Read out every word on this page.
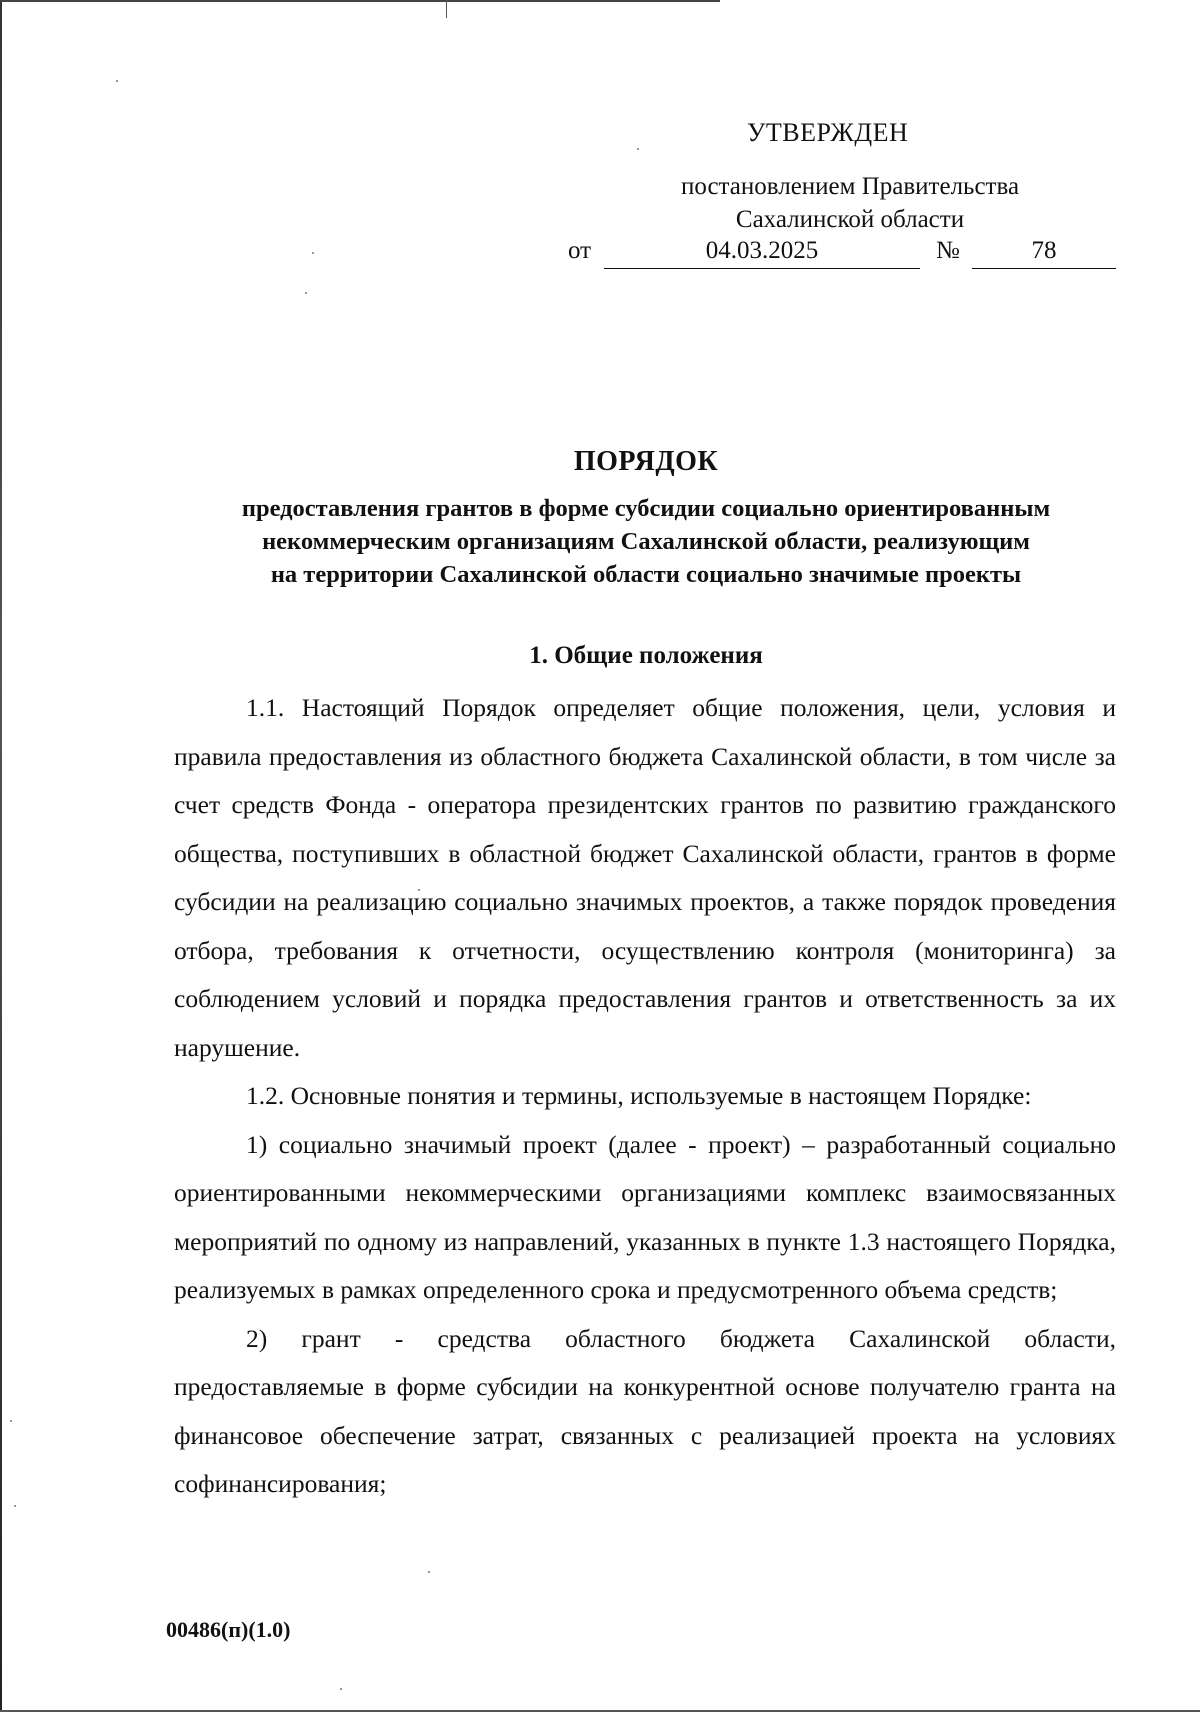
УТВЕРЖДЕН
постановлением Правительства
Сахалинской области
от	04.03.2025	№	78
ПОРЯДОК
предоставления грантов в форме субсидии социально ориентированным
некоммерческим организациям Сахалинской области, реализующим
на территории Сахалинской области социально значимые проекты
1. Общие положения

1.1. Настоящий Порядок определяет общие положения, цели, условия и правила предоставления из областного бюджета Сахалинской области, в том числе за счет средств Фонда - оператора президентских грантов по развитию гражданского общества, поступивших в областной бюджет Сахалинской области, грантов в форме субсидии на реализацию социально значимых проектов, а также порядок проведения отбора, требования к отчетности, осуществлению контроля (мониторинга) за соблюдением условий и порядка предоставления грантов и ответственность за их нарушение.

1.2. Основные понятия и термины, используемые в настоящем Порядке:

1) социально значимый проект (далее - проект) – разработанный социально ориентированными некоммерческими организациями комплекс взаимосвязанных мероприятий по одному из направлений, указанных в пункте 1.3 настоящего Порядка, реализуемых в рамках определенного срока и предусмотренного объема средств;

2) грант - средства областного бюджета Сахалинской области, предоставляемые в форме субсидии на конкурентной основе получателю гранта на финансовое обеспечение затрат, связанных с реализацией проекта на условиях софинансирования;

00486(п)(1.0)
